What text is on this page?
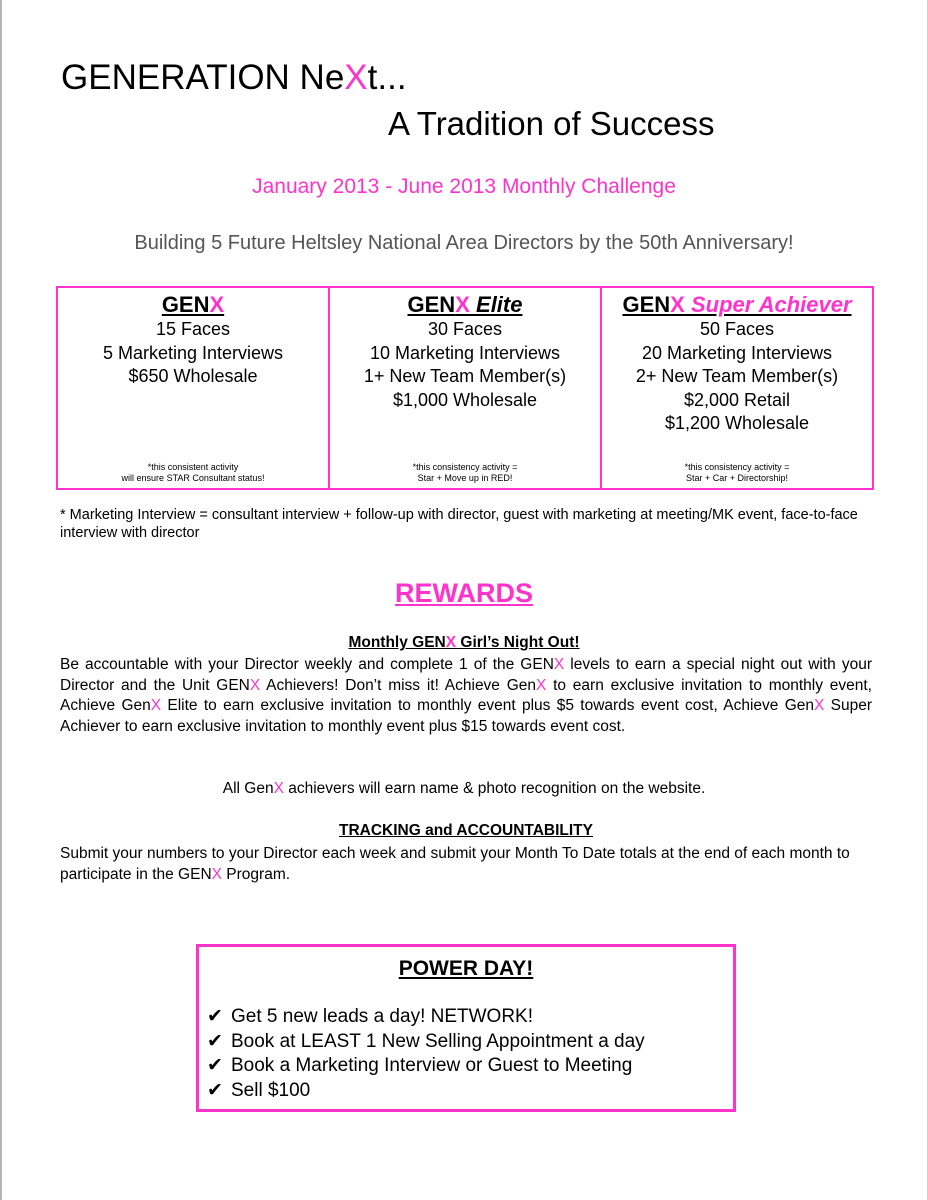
GENERATION NeXt...
A Tradition of Success
January 2013 - June 2013 Monthly Challenge
Building 5 Future Heltsley National Area Directors by the 50th Anniversary!
GENX
15 Faces
5 Marketing Interviews
$650 Wholesale
*this consistent activity
will ensure STAR Consultant status!
GENX Elite
30 Faces
10 Marketing Interviews
1+ New Team Member(s)
$1,000 Wholesale
*this consistency activity =
Star + Move up in RED!
GENX Super Achiever
50 Faces
20 Marketing Interviews
2+ New Team Member(s)
$2,000 Retail
$1,200 Wholesale
*this consistency activity =
Star + Car + Directorship!
* Marketing Interview = consultant interview + follow-up with director, guest with marketing at meeting/MK event, face-to-face interview with director
REWARDS
Monthly GENX Girl’s Night Out!
Be accountable with your Director weekly and complete 1 of the GENX levels to earn a special night out with your Director and the Unit GENX Achievers! Don’t miss it! Achieve GenX to earn exclusive invitation to monthly event, Achieve GenX Elite to earn exclusive invitation to monthly event plus $5 towards event cost, Achieve GenX Super Achiever to earn exclusive invitation to monthly event plus $15 towards event cost.
All GenX achievers will earn name & photo recognition on the website.
TRACKING and ACCOUNTABILITY
Submit your numbers to your Director each week and submit your Month To Date totals at the end of each month to participate in the GENX Program.
POWER DAY!
✔ Get 5 new leads a day! NETWORK!
✔ Book at LEAST 1 New Selling Appointment a day
✔ Book a Marketing Interview or Guest to Meeting
✔ Sell $100
